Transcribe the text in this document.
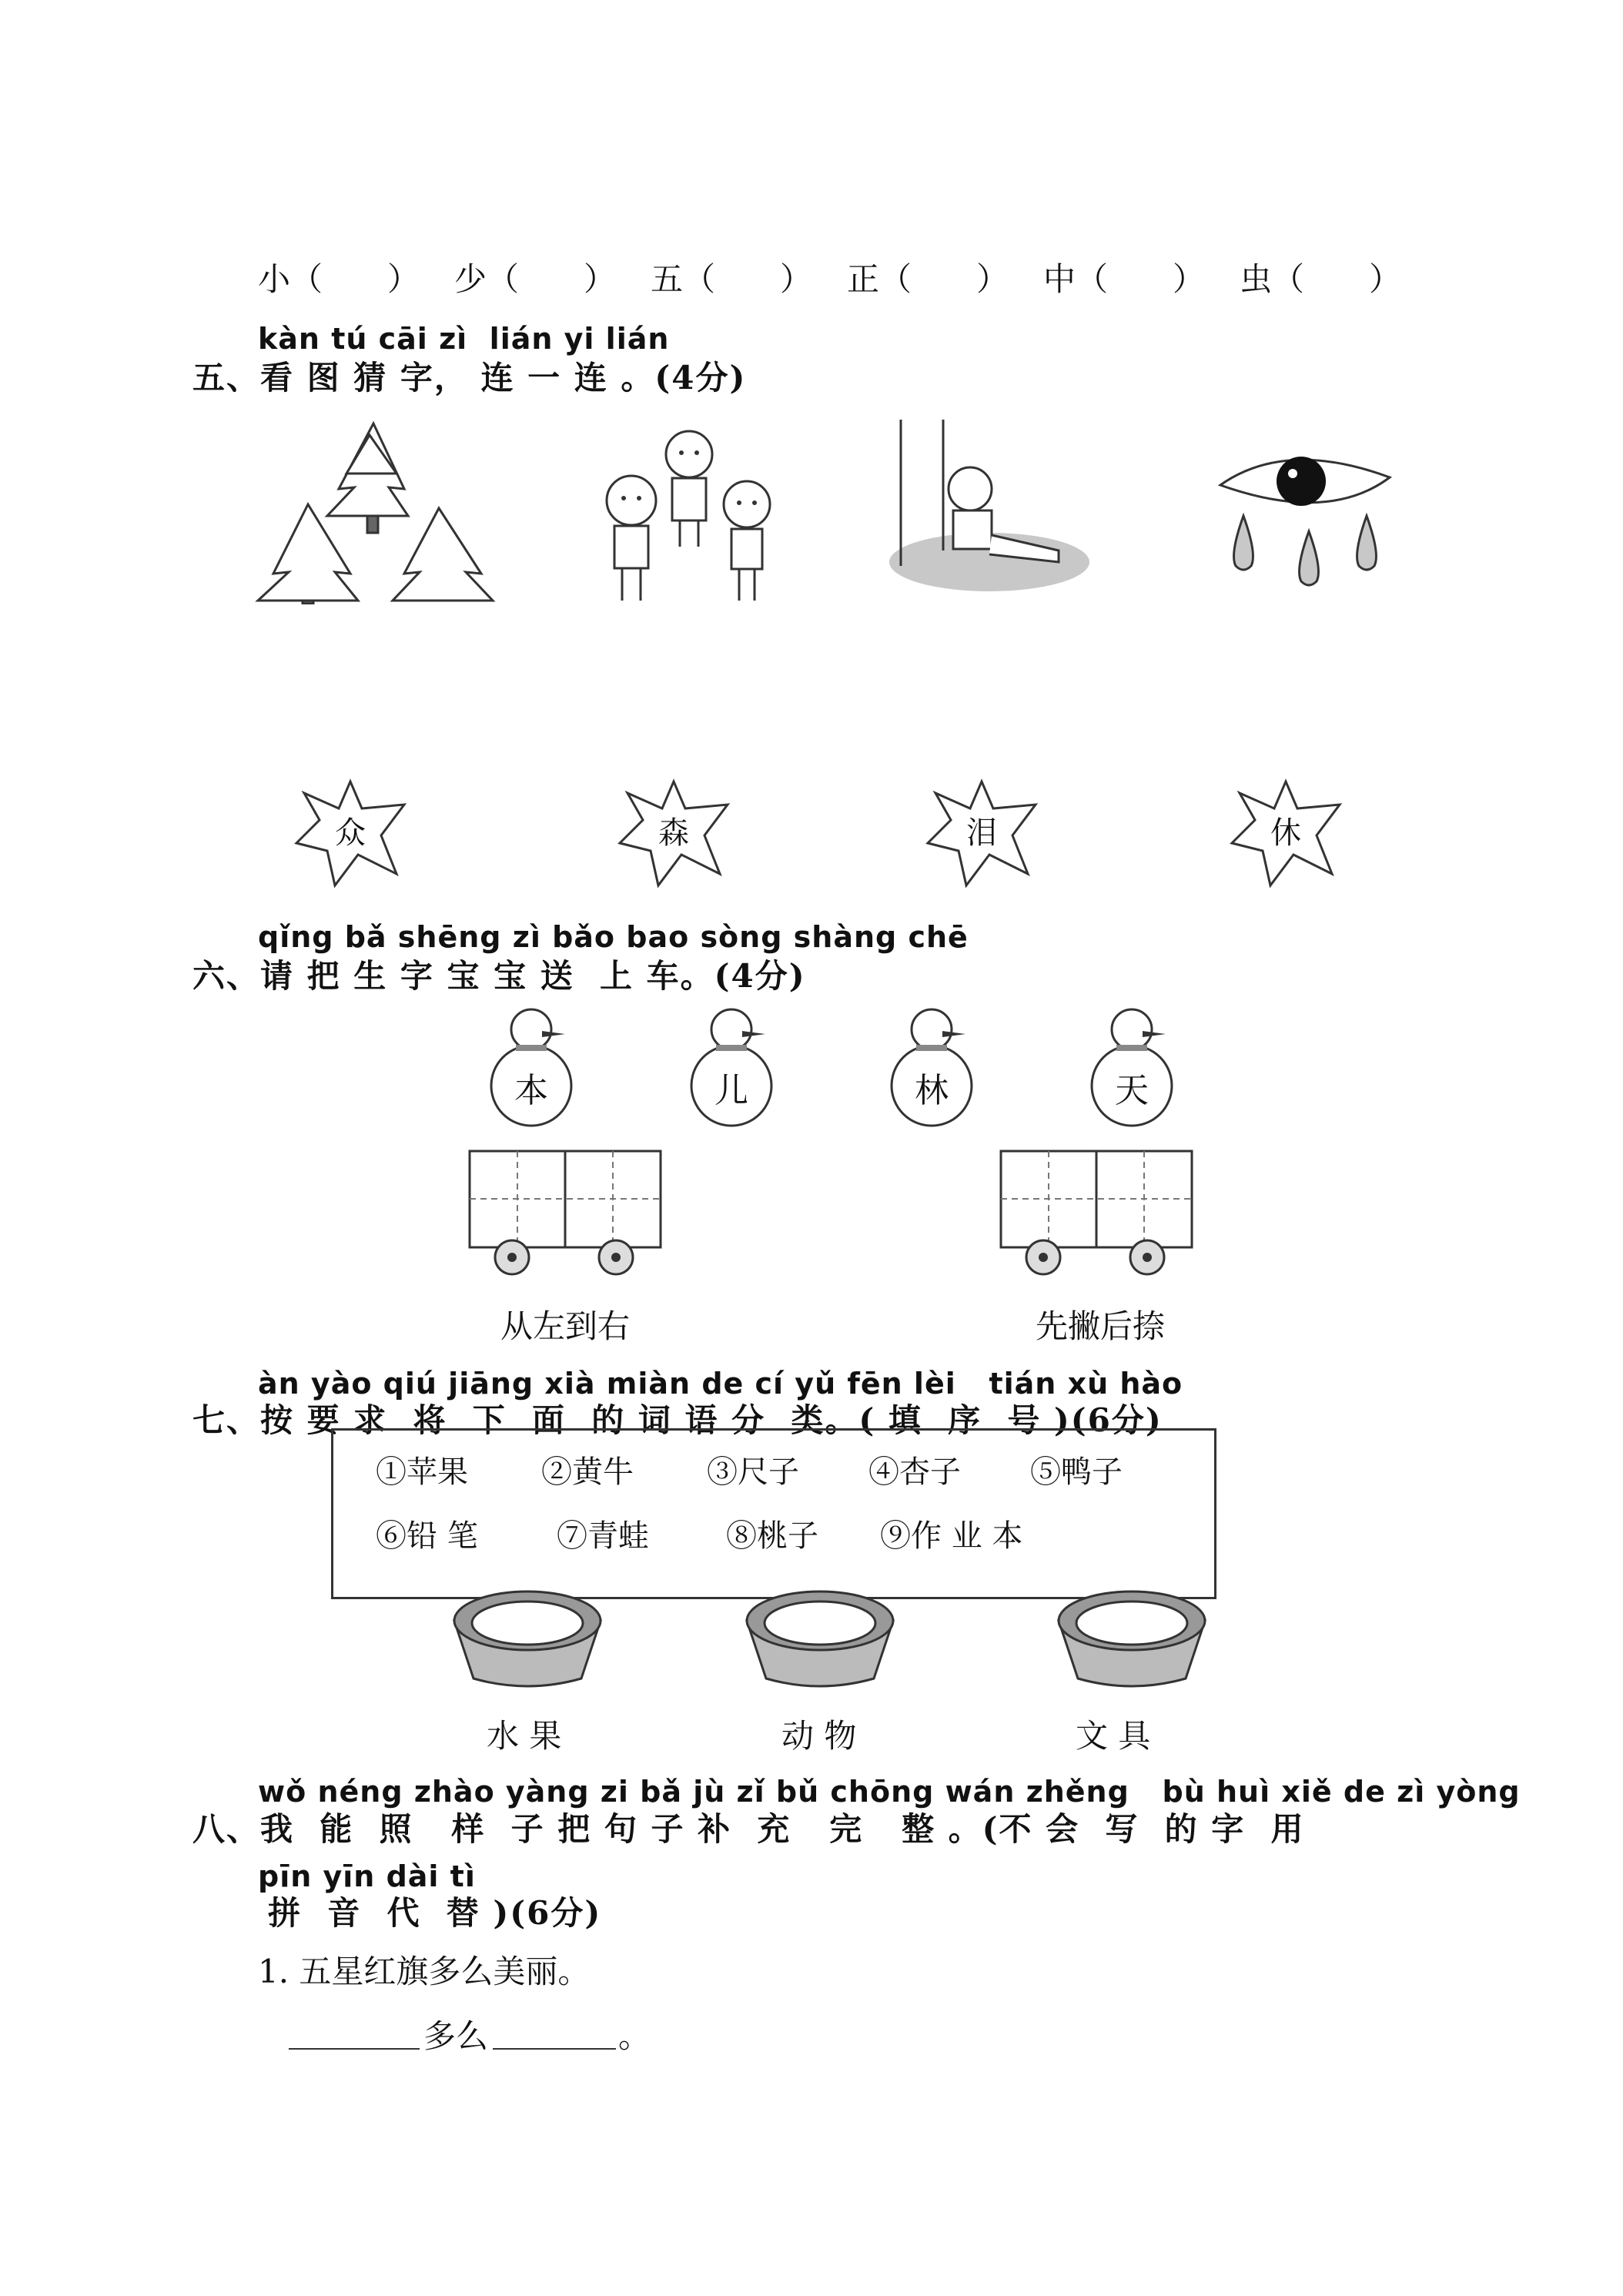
小（　　） 少（　　） 五（　　） 正（　　） 中（　　） 虫（　　）
kàn tú cāi zì  lián yi lián
五、看 图 猜 字， 连 一 连 。(4分)
众	森	泪	休
qǐng bǎ shēng zì bǎo bao sòng shàng chē
六、请 把 生 字 宝 宝 送  上 车。(4分)
本	儿	林	天
从左到右	先撇后捺
àn yào qiú jiāng xià miàn de cí yǔ fēn lèi   tián xù hào
七、按 要 求  将  下  面  的 词 语 分  类。( 填  序  号 )(6分)
①苹果 ②黄牛 ③尺子 ④杏子 ⑤鸭子
⑥铅 笔	⑦青蛙	⑧桃子 ⑨作 业 本
水 果	动 物	文 具
wǒ néng zhào yàng zi bǎ jù zǐ bǔ chōng wán zhěng   bù huì xiě de zì yòng
八、我  能  照   样  子 把 句 子 补  充   完   整 。(不 会  写  的 字  用
pīn yīn dài tì
拼  音  代  替 )(6分)
1. 五星红旗多么美丽。
多么	。
